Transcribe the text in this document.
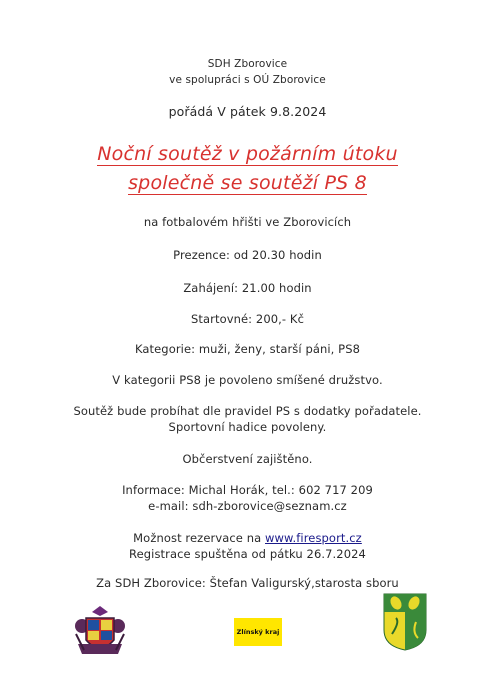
SDH Zborovice
ve spolupráci s OÚ Zborovice
pořádá V pátek 9.8.2024
Noční soutěž v požárním útoku
společně se soutěží PS 8
na fotbalovém hřišti ve Zborovicích
Prezence: od 20.30 hodin
Zahájení: 21.00 hodin
Startovné: 200,- Kč
Kategorie: muži, ženy, starší páni, PS8
V kategorii PS8 je povoleno smíšené družstvo.
Soutěž bude probíhat dle pravidel PS s dodatky pořadatele.
Sportovní hadice povoleny.
Občerstvení zajištěno.
Informace: Michal Horák, tel.: 602 717 209
e-mail: sdh-zborovice@seznam.cz
Možnost rezervace na www.firesport.cz
Registrace spuštěna od pátku 26.7.2024
Za SDH Zborovice: Štefan Valigurský,starosta sboru
Zlínský kraj
